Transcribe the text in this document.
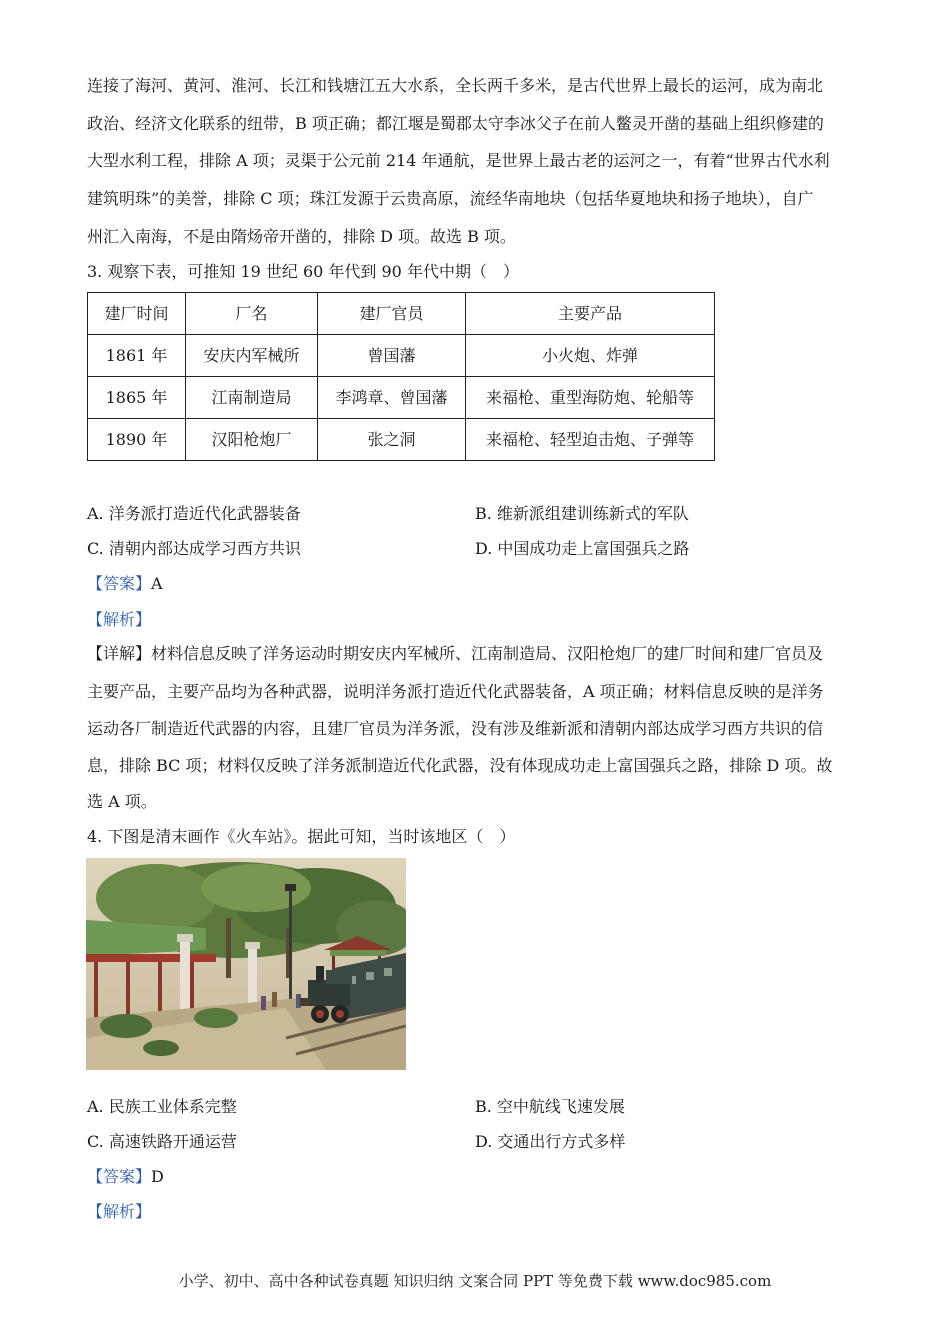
连接了海河、黄河、淮河、长江和钱塘江五大水系，全长两千多米，是古代世界上最长的运河，成为南北
政治、经济文化联系的纽带，B 项正确；都江堰是蜀郡太守李冰父子在前人鳖灵开凿的基础上组织修建的
大型水利工程，排除 A 项；灵渠于公元前 214 年通航，是世界上最古老的运河之一，有着“世界古代水利
建筑明珠”的美誉，排除 C 项；珠江发源于云贵高原，流经华南地块（包括华夏地块和扬子地块），自广
州汇入南海，不是由隋炀帝开凿的，排除 D 项。故选 B 项。
3. 观察下表，可推知 19 世纪 60 年代到 90 年代中期（　）
建厂时间	厂名	建厂官员	主要产品
1861 年	安庆内军械所	曾国藩	小火炮、炸弹
1865 年	江南制造局	李鸿章、曾国藩	来福枪、重型海防炮、轮船等
1890 年	汉阳枪炮厂	张之洞	来福枪、轻型迫击炮、子弹等
A. 洋务派打造近代化武器装备	B. 维新派组建训练新式的军队
C. 清朝内部达成学习西方共识	D. 中国成功走上富国强兵之路
【答案】A
【解析】
【详解】材料信息反映了洋务运动时期安庆内军械所、江南制造局、汉阳枪炮厂的建厂时间和建厂官员及
主要产品，主要产品均为各种武器，说明洋务派打造近代化武器装备，A 项正确；材料信息反映的是洋务
运动各厂制造近代武器的内容，且建厂官员为洋务派，没有涉及维新派和清朝内部达成学习西方共识的信
息，排除 BC 项；材料仅反映了洋务派制造近代化武器，没有体现成功走上富国强兵之路，排除 D 项。故
选 A 项。
4. 下图是清末画作《火车站》。据此可知，当时该地区（　）
A. 民族工业体系完整	B. 空中航线飞速发展
C. 高速铁路开通运营	D. 交通出行方式多样
【答案】D
【解析】
小学、初中、高中各种试卷真题 知识归纳 文案合同 PPT 等免费下载 www.doc985.com
